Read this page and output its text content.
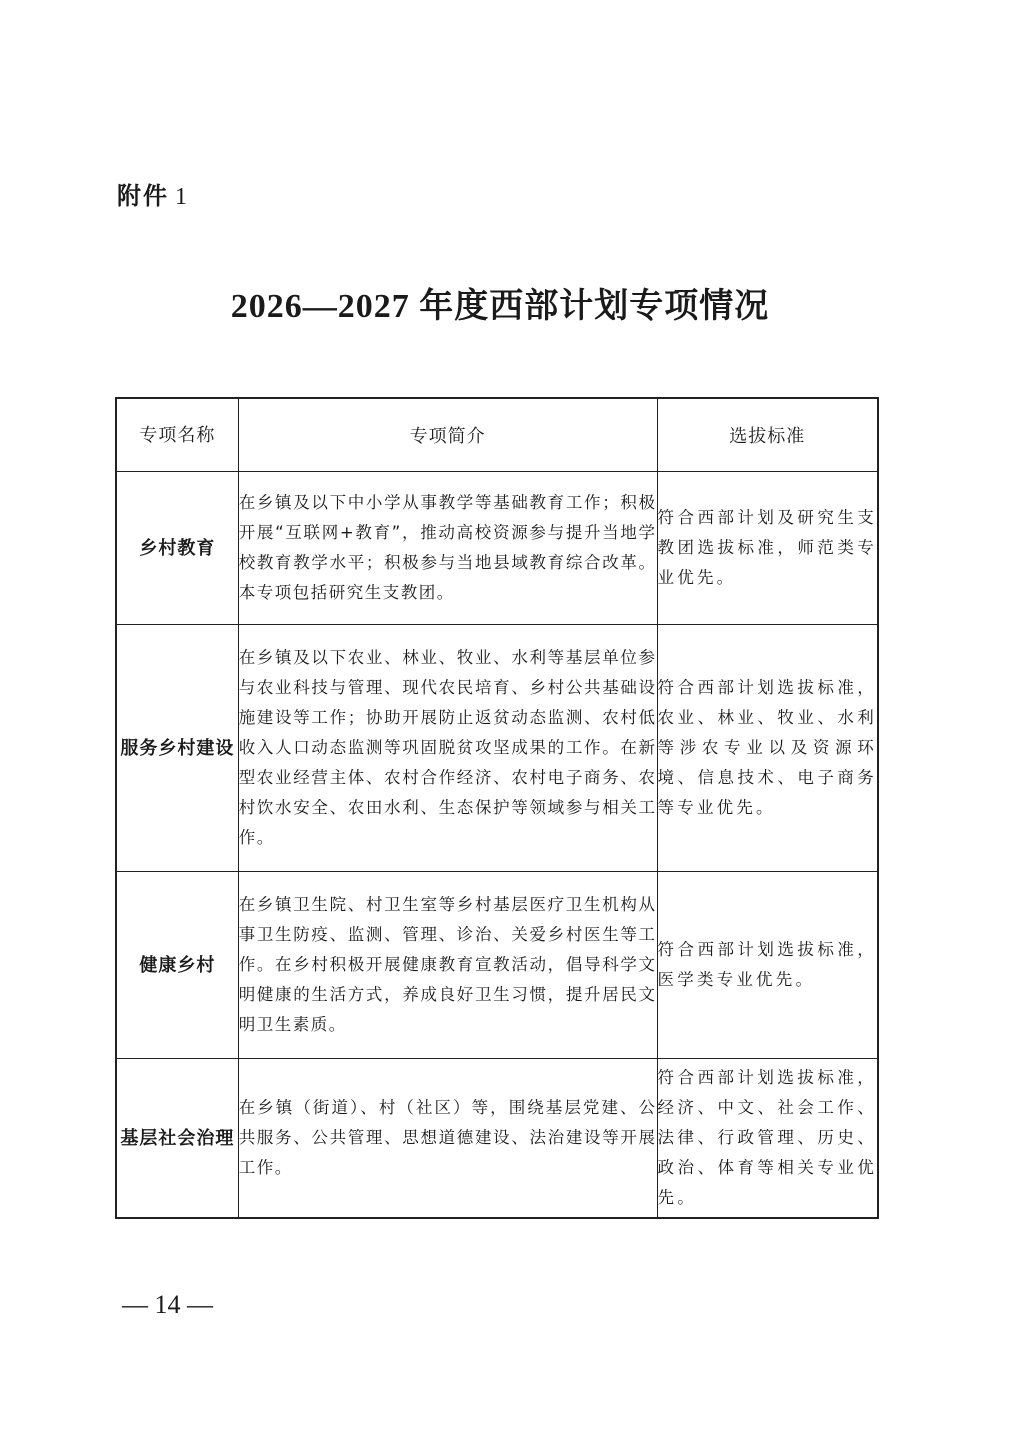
附件 1
2026—2027 年度西部计划专项情况
专项名称	专项简介	选拔标准
乡村教育	在乡镇及以下中小学从事教学等基础教育工作；积极开展“互联网+教育”，推动高校资源参与提升当地学校教育教学水平；积极参与当地县域教育综合改革。本专项包括研究生支教团。	符合西部计划及研究生支教团选拔标准，师范类专业优先。
服务乡村建设	在乡镇及以下农业、林业、牧业、水利等基层单位参与农业科技与管理、现代农民培育、乡村公共基础设施建设等工作；协助开展防止返贫动态监测、农村低收入人口动态监测等巩固脱贫攻坚成果的工作。在新型农业经营主体、农村合作经济、农村电子商务、农村饮水安全、农田水利、生态保护等领域参与相关工作。	符合西部计划选拔标准，农业、林业、牧业、水利等涉农专业以及资源环境、信息技术、电子商务等专业优先。
健康乡村	在乡镇卫生院、村卫生室等乡村基层医疗卫生机构从事卫生防疫、监测、管理、诊治、关爱乡村医生等工作。在乡村积极开展健康教育宣教活动，倡导科学文明健康的生活方式，养成良好卫生习惯，提升居民文明卫生素质。	符合西部计划选拔标准，医学类专业优先。
基层社会治理	在乡镇（街道）、村（社区）等，围绕基层党建、公共服务、公共管理、思想道德建设、法治建设等开展工作。	符合西部计划选拔标准，经济、中文、社会工作、法律、行政管理、历史、政治、体育等相关专业优先。

— 14 —
